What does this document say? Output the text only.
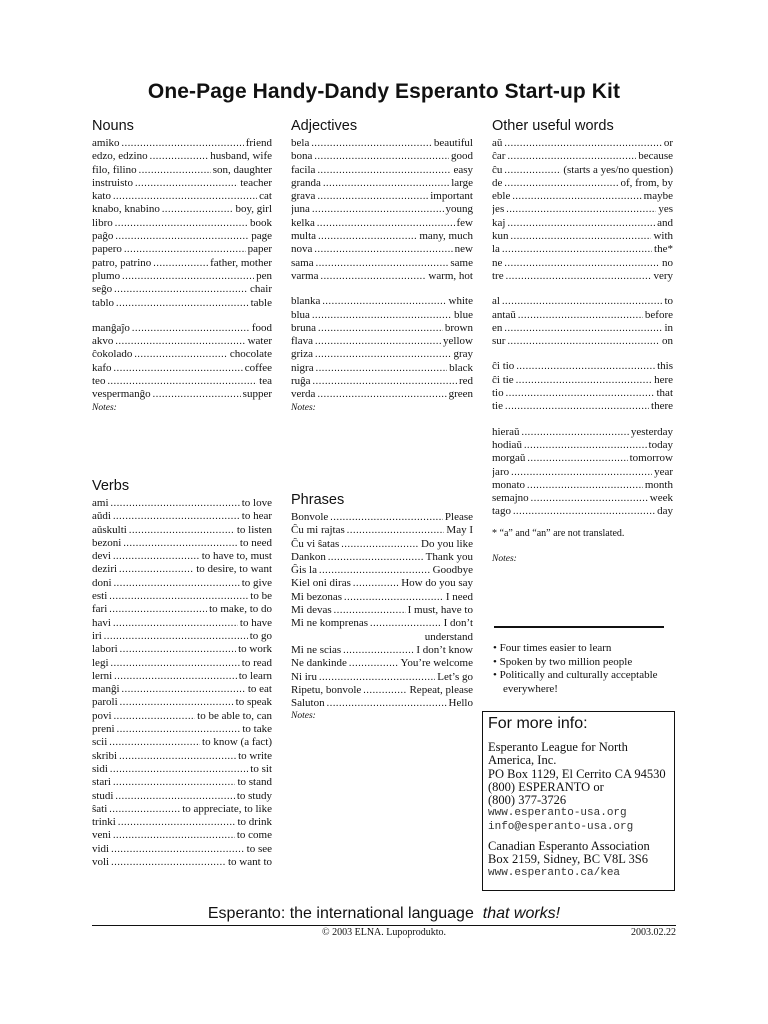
One-Page Handy-Dandy Esperanto Start-up Kit
Nouns
amiko .....	friend
edzo, edzino .....	husband, wife
filo, filino .....	son, daughter
instruisto .....	teacher
kato .....	cat
knabo, knabino .....	boy, girl
libro .....	book
paĝo .....	page
papero .....	paper
patro, patrino .....	father, mother
plumo .....	pen
seĝo .....	chair
tablo .....	table
manĝaĵo .....	food
akvo .....	water
ĉokolado .....	chocolate
kafo .....	coffee
teo .....	tea
vespermanĝo .....	supper
Notes:
Adjectives
bela .....	beautiful
bona .....	good
facila .....	easy
granda .....	large
grava .....	important
juna .....	young
kelka .....	few
multa .....	many, much
nova .....	new
sama .....	same
varma .....	warm, hot
blanka .....	white
blua .....	blue
bruna .....	brown
flava .....	yellow
griza .....	gray
nigra .....	black
ruĝa .....	red
verda .....	green
Notes:
Other useful words
aŭ .....	or
ĉar .....	because
ĉu .....	(starts a yes/no question)
de .....	of, from, by
eble .....	maybe
jes .....	yes
kaj .....	and
kun .....	with
la .....	the*
ne .....	no
tre .....	very
al .....	to
antaŭ .....	before
en .....	in
sur .....	on
ĉi tio .....	this
ĉi tie .....	here
tio .....	that
tie .....	there
hieraŭ .....	yesterday
hodiaŭ .....	today
morgaŭ .....	tomorrow
jaro .....	year
monato .....	month
semajno .....	week
tago .....	day
* “a” and “an” are not translated.
Notes:
Verbs
ami .....	to love
aŭdi .....	to hear
aŭskulti .....	to listen
bezoni .....	to need
devi .....	to have to, must
deziri .....	to desire, to want
doni .....	to give
esti .....	to be
fari .....	to make, to do
havi .....	to have
iri .....	to go
labori .....	to work
legi .....	to read
lerni .....	to learn
manĝi .....	to eat
paroli .....	to speak
povi .....	to be able to, can
preni .....	to take
scii .....	to know (a fact)
skribi .....	to write
sidi .....	to sit
stari .....	to stand
studi .....	to study
ŝati .....	to appreciate, to like
trinki .....	to drink
veni .....	to come
vidi .....	to see
voli .....	to want to
Phrases
Bonvole .....	Please
Ĉu mi rajtas .....	May I
Ĉu vi ŝatas .....	Do you like
Dankon .....	Thank you
Ĝis la .....	Goodbye
Kiel oni diras .....	How do you say
Mi bezonas .....	I need
Mi devas .....	I must, have to
Mi ne komprenas .....	I don’t
understand
Mi ne scias .....	I don’t know
Ne dankinde .....	You’re welcome
Ni iru .....	Let’s go
Ripetu, bonvole .....	Repeat, please
Saluton .....	Hello
Notes:
• Four times easier to learn
• Spoken by two million people
• Politically and culturally acceptable everywhere!
For more info:
Esperanto League for North
America, Inc.
PO Box 1129, El Cerrito CA 94530
(800) ESPERANTO or
(800) 377-3726
www.esperanto-usa.org
info@esperanto-usa.org
Canadian Esperanto Association
Box 2159, Sidney, BC V8L 3S6
www.esperanto.ca/kea
Esperanto: the international language that works!
© 2003 ELNA. Lupoprodukto.	2003.02.22
